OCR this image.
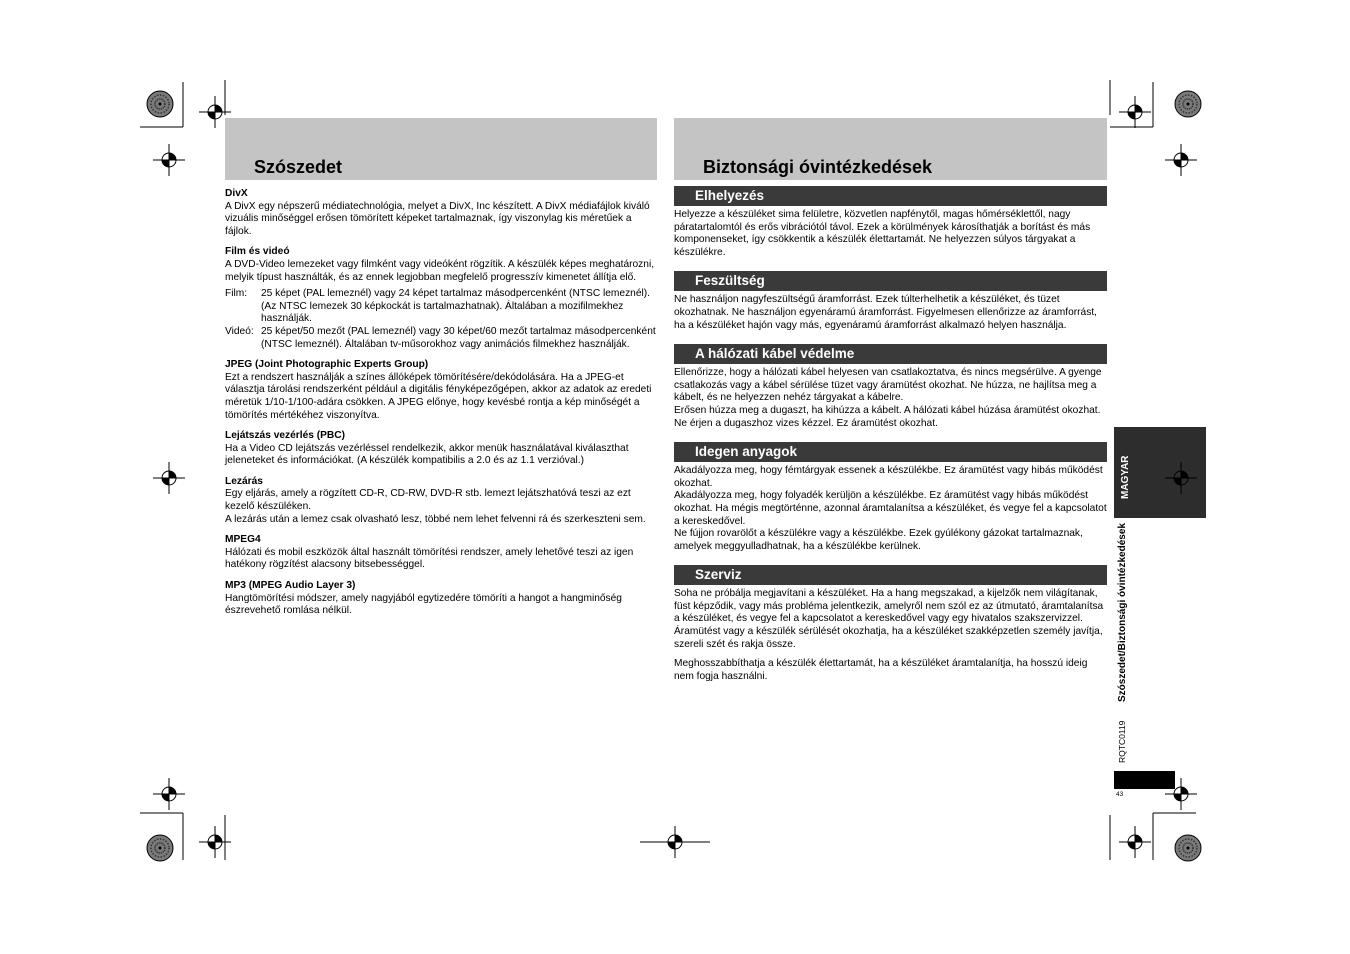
Szószedet
DivX

A DivX egy népszerű médiatechnológia, melyet a DivX, Inc készített. A DivX médiafájlok kiváló vizuális minőséggel erősen tömörített képeket tartalmaznak, így viszonylag kis méretűek a fájlok.

Film és videó

A DVD-Video lemezeket vagy filmként vagy videóként rögzítik. A készülék képes meghatározni, melyik típust használták, és az ennek legjobban megfelelő progresszív kimenetet állítja elő.

Film:	25 képet (PAL lemeznél) vagy 24 képet tartalmaz másodpercenként (NTSC lemeznél). (Az NTSC lemezek 30 képkockát is tartalmazhatnak). Általában a mozifilmekhez használják.
Videó: 25 képet/50 mezőt (PAL lemeznél) vagy 30 képet/60 mezőt tartalmaz másodpercenként (NTSC lemeznél). Általában tv-műsorokhoz vagy animációs filmekhez használják.
JPEG (Joint Photographic Experts Group)

Ezt a rendszert használják a színes állóképek tömörítésére/dekódolására. Ha a JPEG-et választja tárolási rendszerként például a digitális fényképezőgépen, akkor az adatok az eredeti méretük 1/10-1/100-adára csökken. A JPEG előnye, hogy kevésbé rontja a kép minőségét a tömörítés mértékéhez viszonyítva.

Lejátszás vezérlés (PBC)

Ha a Video CD lejátszás vezérléssel rendelkezik, akkor menük használatával kiválaszthat jeleneteket és információkat. (A készülék kompatibilis a 2.0 és az 1.1 verzióval.)

Lezárás

Egy eljárás, amely a rögzített CD-R, CD-RW, DVD-R stb. lemezt lejátszhatóvá teszi az ezt kezelő készüléken.

A lezárás után a lemez csak olvasható lesz, többé nem lehet felvenni rá és szerkeszteni sem.

MPEG4

Hálózati és mobil eszközök által használt tömörítési rendszer, amely lehetővé teszi az igen hatékony rögzítést alacsony bitsebességgel.

MP3 (MPEG Audio Layer 3)

Hangtömörítési módszer, amely nagyjából egytizedére tömöríti a hangot a hangminőség észrevehető romlása nélkül.

Biztonsági óvintézkedések
Elhelyezés

Helyezze a készüléket sima felületre, közvetlen napfénytől, magas hőmérséklettől, nagy páratartalomtól és erős vibrációtól távol. Ezek a körülmények károsíthatják a borítást és más komponenseket, így csökkentik a készülék élettartamát. Ne helyezzen súlyos tárgyakat a készülékre.

Feszültség

Ne használjon nagyfeszültségű áramforrást. Ezek túlterhelhetik a készüléket, és tüzet okozhatnak. Ne használjon egyenáramú áramforrást. Figyelmesen ellenőrizze az áramforrást, ha a készüléket hajón vagy más, egyenáramú áramforrást alkalmazó helyen használja.

A hálózati kábel védelme

Ellenőrizze, hogy a hálózati kábel helyesen van csatlakoztatva, és nincs megsérülve. A gyenge csatlakozás vagy a kábel sérülése tüzet vagy áramütést okozhat. Ne húzza, ne hajlítsa meg a kábelt, és ne helyezzen nehéz tárgyakat a kábelre.

Erősen húzza meg a dugaszt, ha kihúzza a kábelt. A hálózati kábel húzása áramütést okozhat. Ne érjen a dugaszhoz vizes kézzel. Ez áramütést okozhat.

Idegen anyagok

Akadályozza meg, hogy fémtárgyak essenek a készülékbe. Ez áramütést vagy hibás működést okozhat.

Akadályozza meg, hogy folyadék kerüljön a készülékbe. Ez áramütést vagy hibás működést okozhat. Ha mégis megtörténne, azonnal áramtalanítsa a készüléket, és vegye fel a kapcsolatot a kereskedővel.

Ne fújjon rovarölőt a készülékre vagy a készülékbe. Ezek gyúlékony gázokat tartalmaznak, amelyek meggyulladhatnak, ha a készülékbe kerülnek.

Szerviz

Soha ne próbálja megjavítani a készüléket. Ha a hang megszakad, a kijelzők nem világítanak, füst képződik, vagy más probléma jelentkezik, amelyről nem szól ez az útmutató, áramtalanítsa a készüléket, és vegye fel a kapcsolatot a kereskedővel vagy egy hivatalos szakszervizzel. Áramütést vagy a készülék sérülését okozhatja, ha a készüléket szakképzetlen személy javítja, szereli szét és rakja össze.

Meghosszabbíthatja a készülék élettartamát, ha a készüléket áramtalanítja, ha hosszú ideig nem fogja használni.

MAGYAR
Szószedet/Biztonsági óvintézkedések
RQTC0119
43
